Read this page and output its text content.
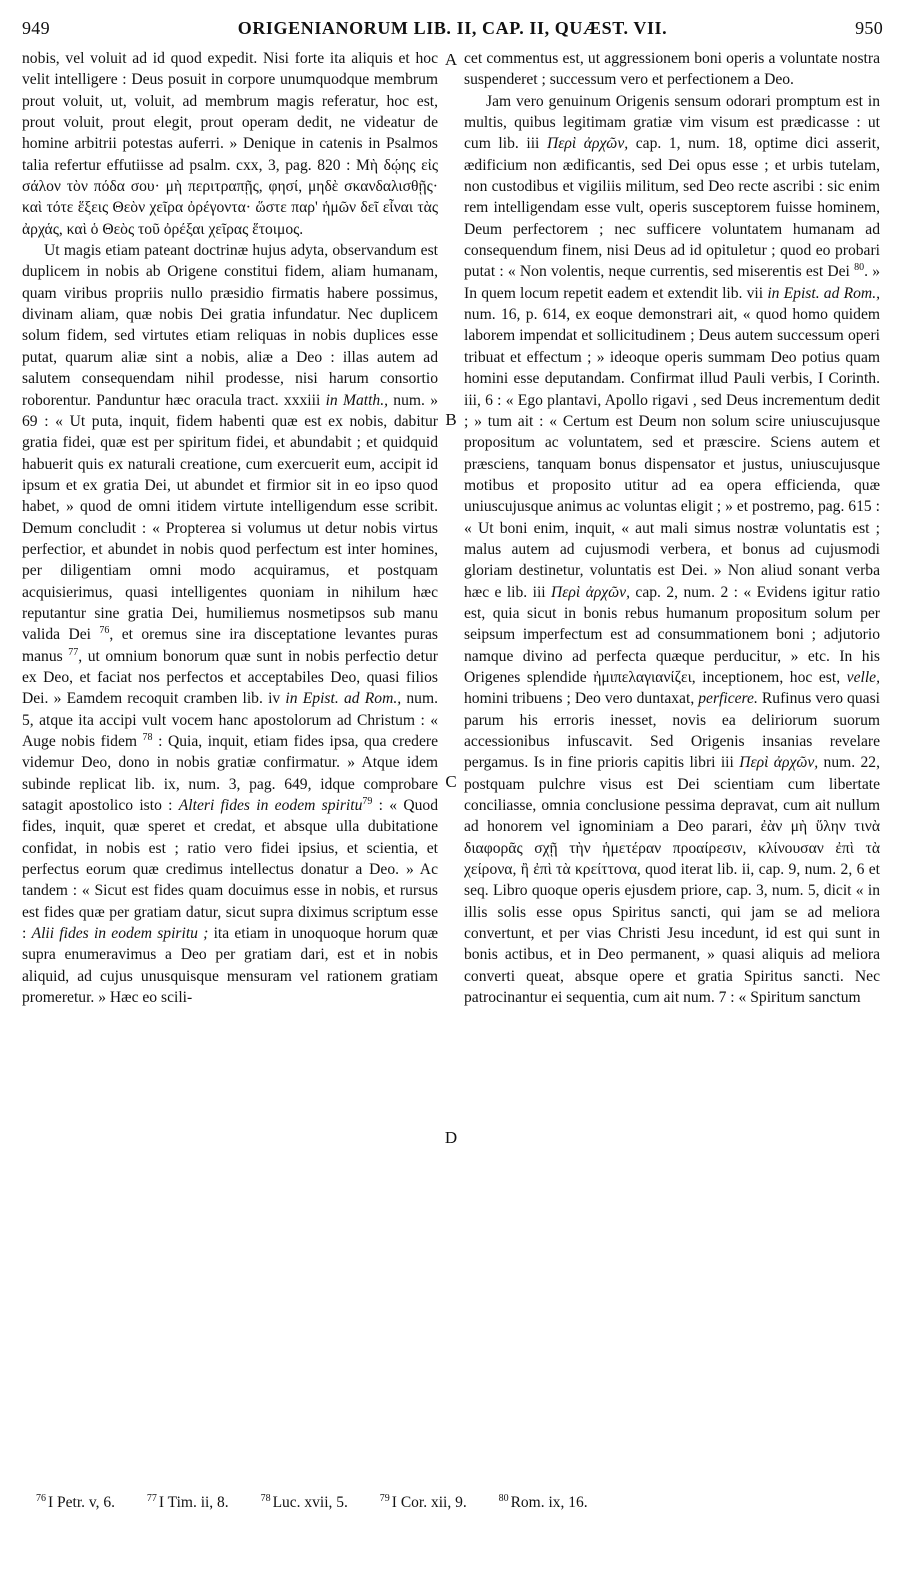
949	ORIGENIANORUM LIB. II, CAP. II, QUÆST. VII.	950
A
B
C
D

nobis, vel voluit ad id quod expedit. Nisi forte ita aliquis et hoc velit intelligere : Deus posuit in corpore unumquodque membrum prout voluit, ut, voluit, ad membrum magis referatur, hoc est, prout voluit, prout elegit, prout operam dedit, ne videatur de homine arbitrii potestas auferri. » Denique in catenis in Psalmos talia refertur effutiisse ad psalm. cxx, 3, pag. 820 : Μὴ δῴης εἰς σάλον τὸν πόδα σου· μὴ περιτραπῇς, φησί, μηδὲ σκανδαλισθῇς· καὶ τότε ἕξεις Θεὸν χεῖρα ὀρέγοντα· ὥστε παρ' ἡμῶν δεῖ εἶναι τὰς ἀρχάς, καὶ ὁ Θεὸς τοῦ ὀρέξαι χεῖρας ἕτοιμος.

Ut magis etiam pateant doctrinæ hujus adyta, observandum est duplicem in nobis ab Origene constitui fidem, aliam humanam, quam viribus propriis nullo præsidio firmatis habere possimus, divinam aliam, quæ nobis Dei gratia infundatur. Nec duplicem solum fidem, sed virtutes etiam reliquas in nobis duplices esse putat, quarum aliæ sint a nobis, aliæ a Deo : illas autem ad salutem consequendam nihil prodesse, nisi harum consortio roborentur. Panduntur hæc oracula tract. xxxiii in Matth., num. » 69 : « Ut puta, inquit, fidem habenti quæ est ex nobis, dabitur gratia fidei, quæ est per spiritum fidei, et abundabit ; et quidquid habuerit quis ex naturali creatione, cum exercuerit eum, accipit id ipsum et ex gratia Dei, ut abundet et firmior sit in eo ipso quod habet, » quod de omni itidem virtute intelligendum esse scribit. Demum concludit : « Propterea si volumus ut detur nobis virtus perfectior, et abundet in nobis quod perfectum est inter homines, per diligentiam omni modo acquiramus, et postquam acquisierimus, quasi intelligentes quoniam in nihilum hæc reputantur sine gratia Dei, humiliemus nosmetipsos sub manu valida Dei $^{76}$, et oremus sine ira disceptatione levantes puras manus $^{77}$, ut omnium bonorum quæ sunt in nobis perfectio detur ex Deo, et faciat nos perfectos et acceptabiles Deo, quasi filios Dei. » Eamdem recoquit cramben lib. iv in Epist. ad Rom., num. 5, atque ita accipi vult vocem hanc apostolorum ad Christum : « Auge nobis fidem $^{78}$ : Quia, inquit, etiam fides ipsa, qua credere videmur Deo, dono in nobis gratiæ confirmatur. » Atque idem subinde replicat lib. ix, num. 3, pag. 649, idque comprobare satagit apostolico isto : Alteri fides in eodem spiritu$^{79}$ : « Quod fides, inquit, quæ speret et credat, et absque ulla dubitatione confidat, in nobis est ; ratio vero fidei ipsius, et scientia, et perfectus eorum quæ credimus intellectus donatur a Deo. » Ac tandem : « Sicut est fides quam docuimus esse in nobis, et rursus est fides quæ per gratiam datur, sicut supra diximus scriptum esse : Alii fides in eodem spiritu ; ita etiam in unoquoque horum quæ supra enumeravimus a Deo per gratiam dari, est et in nobis aliquid, ad cujus unusquisque mensuram vel rationem gratiam promeretur. » Hæc eo scili-

cet commentus est, ut aggressionem boni operis a voluntate nostra suspenderet ; successum vero et perfectionem a Deo.

Jam vero genuinum Origenis sensum odorari promptum est in multis, quibus legitimam gratiæ vim visum est prædicasse : ut cum lib. iii Περὶ ἀρχῶν, cap. 1, num. 18, optime dici asserit, ædificium non ædificantis, sed Dei opus esse ; et urbis tutelam, non custodibus et vigiliis militum, sed Deo recte ascribi : sic enim rem intelligendam esse vult, operis susceptorem fuisse hominem, Deum perfectorem ; nec sufficere voluntatem humanam ad consequendum finem, nisi Deus ad id opituletur ; quod eo probari putat : « Non volentis, neque currentis, sed miserentis est Dei $^{80}$. » In quem locum repetit eadem et extendit lib. vii in Epist. ad Rom., num. 16, p. 614, ex eoque demonstrari ait, « quod homo quidem laborem impendat et sollicitudinem ; Deus autem successum operi tribuat et effectum ; » ideoque operis summam Deo potius quam homini esse deputandam. Confirmat illud Pauli verbis, I Corinth. iii, 6 : « Ego plantavi, Apollo rigavi , sed Deus incrementum dedit ; » tum ait : « Certum est Deum non solum scire uniuscujusque propositum ac voluntatem, sed et præscire. Sciens autem et præsciens, tanquam bonus dispensator et justus, uniuscujusque motibus et proposito utitur ad ea opera efficienda, quæ uniuscujusque animus ac voluntas eligit ; » et postremo, pag. 615 : « Ut boni enim, inquit, « aut mali simus nostræ voluntatis est ; malus autem ad cujusmodi verbera, et bonus ad cujusmodi gloriam destinetur, voluntatis est Dei. » Non aliud sonant verba hæc e lib. iii Περὶ ἀρχῶν, cap. 2, num. 2 : « Evidens igitur ratio est, quia sicut in bonis rebus humanum propositum solum per seipsum imperfectum est ad consummationem boni ; adjutorio namque divino ad perfecta quæque perducitur, » etc. In his Origenes splendide ἠμιπελαγιανίζει, inceptionem, hoc est, velle, homini tribuens ; Deo vero duntaxat, perficere. Rufinus vero quasi parum his erroris inesset, novis ea deliriorum suorum accessionibus infuscavit. Sed Origenis insanias revelare pergamus. Is in fine prioris capitis libri iii Περὶ ἀρχῶν, num. 22, postquam pulchre visus est Dei scientiam cum libertate conciliasse, omnia conclusione pessima depravat, cum ait nullum ad honorem vel ignominiam a Deo parari, ἐὰν μὴ ὕλην τινὰ διαφορᾶς σχῇ τὴν ἡμετέραν προαίρεσιν, κλίνουσαν ἐπὶ τὰ χείρονα, ἢ ἐπὶ τὰ κρείττονα, quod iterat lib. ii, cap. 9, num. 2, 6 et seq. Libro quoque operis ejusdem priore, cap. 3, num. 5, dicit « in illis solis esse opus Spiritus sancti, qui jam se ad meliora convertunt, et per vias Christi Jesu incedunt, id est qui sunt in bonis actibus, et in Deo permanent, » quasi aliquis ad meliora converti queat, absque opere et gratia Spiritus sancti. Nec patrocinantur ei sequentia, cum ait num. 7 : « Spiritum sanctum

$^{76}$ I Petr. v, 6.	$^{77}$ I Tim. ii, 8.	$^{78}$ Luc. xvii, 5.	$^{79}$ I Cor. xii, 9.	$^{80}$ Rom. ix, 16.
